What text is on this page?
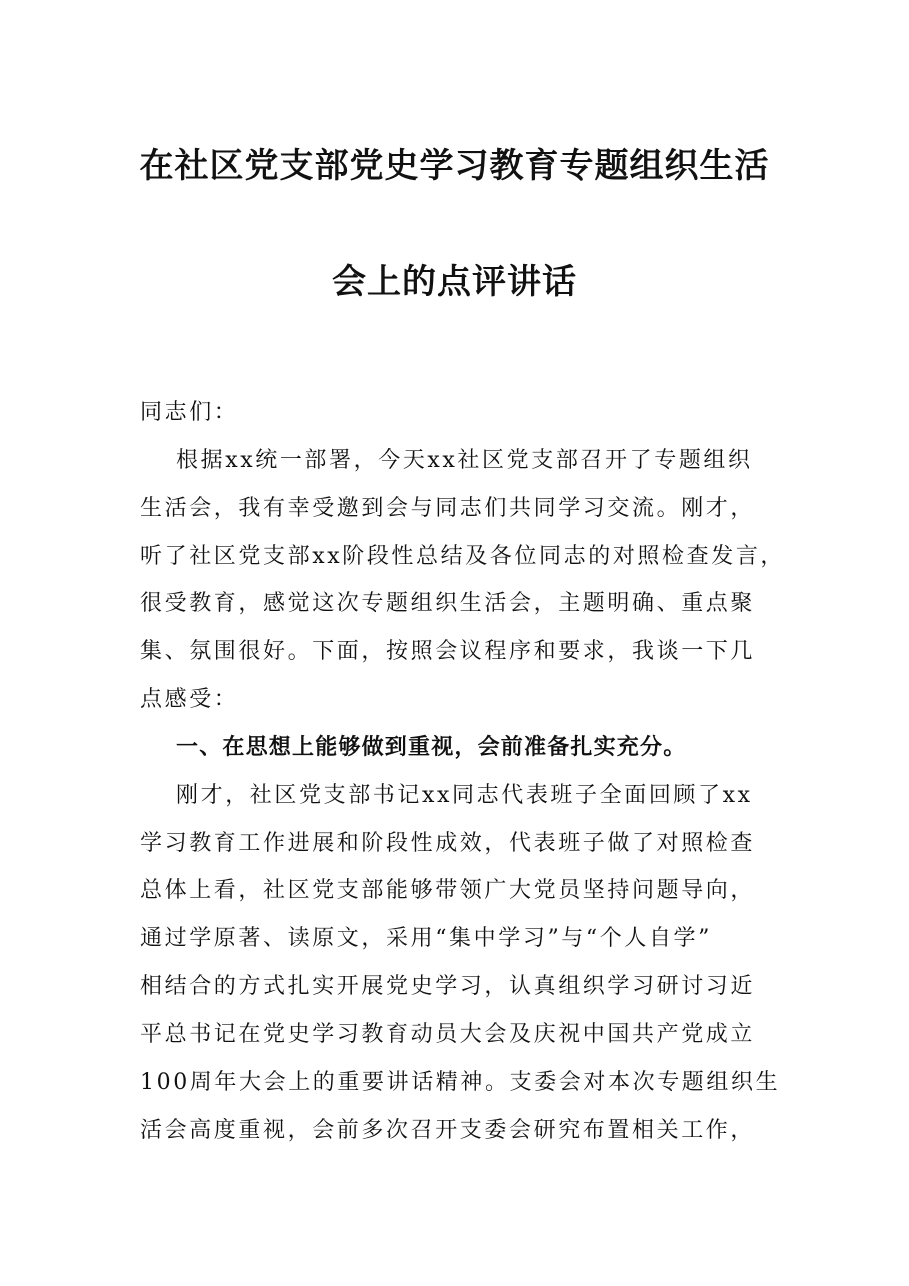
在社区党支部党史学习教育专题组织生活
会上的点评讲话
同志们：
根据xx统一部署，今天xx社区党支部召开了专题组织
生活会，我有幸受邀到会与同志们共同学习交流。刚才，
听了社区党支部xx阶段性总结及各位同志的对照检查发言，
很受教育，感觉这次专题组织生活会，主题明确、重点聚
集、氛围很好。下面，按照会议程序和要求，我谈一下几
点感受：
一、在思想上能够做到重视，会前准备扎实充分。
刚才，社区党支部书记xx同志代表班子全面回顾了xx
学习教育工作进展和阶段性成效，代表班子做了对照检查
总体上看，社区党支部能够带领广大党员坚持问题导向，
通过学原著、读原文，采用“集中学习”与“个人自学”
相结合的方式扎实开展党史学习，认真组织学习研讨习近
平总书记在党史学习教育动员大会及庆祝中国共产党成立
100周年大会上的重要讲话精神。支委会对本次专题组织生
活会高度重视，会前多次召开支委会研究布置相关工作，
